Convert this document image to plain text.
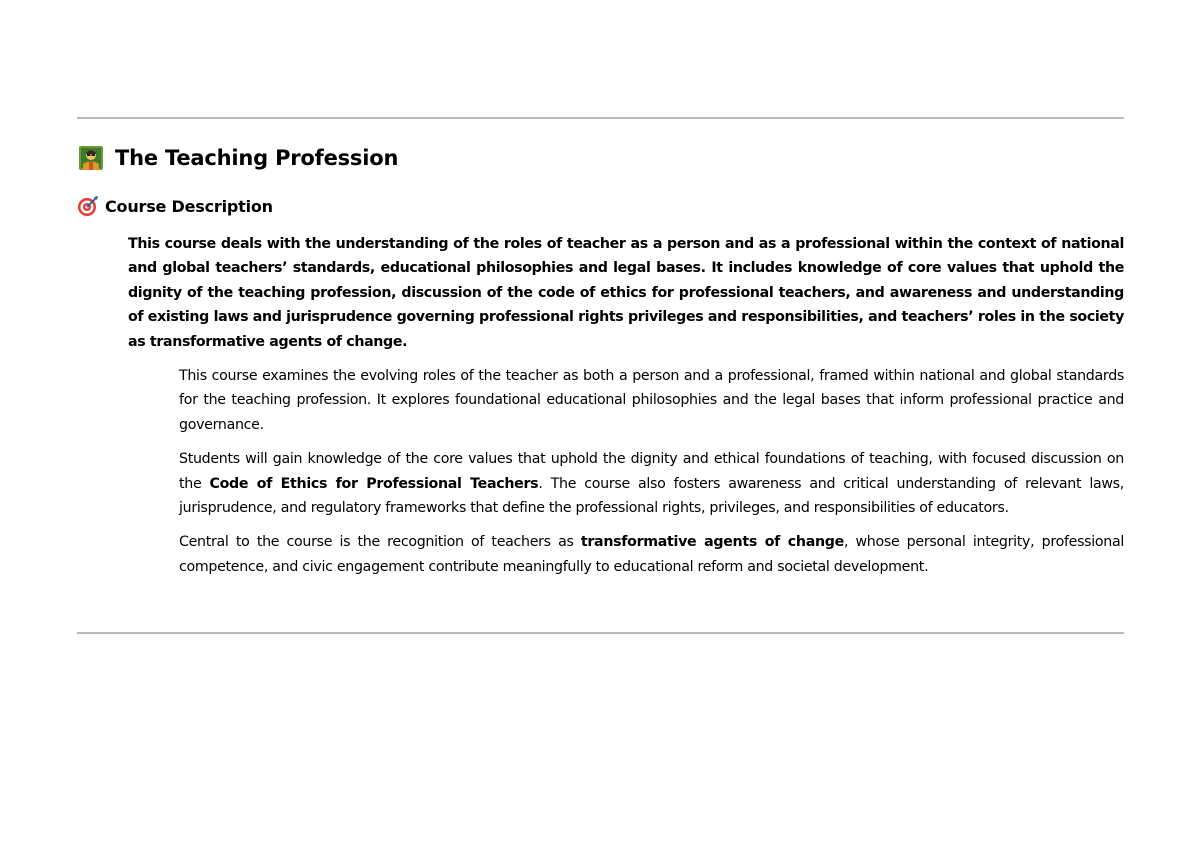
The Teaching Profession
Course Description
This course deals with the understanding of the roles of teacher as a person and as a professional within the context of national and global teachers’ standards, educational philosophies and legal bases. It includes knowledge of core values that uphold the dignity of the teaching profession, discussion of the code of ethics for professional teachers, and awareness and understanding of existing laws and jurisprudence governing professional rights privileges and responsibilities, and teachers’ roles in the society as transformative agents of change.

This course examines the evolving roles of the teacher as both a person and a professional, framed within national and global standards for the teaching profession. It explores foundational educational philosophies and the legal bases that inform professional practice and governance.

Students will gain knowledge of the core values that uphold the dignity and ethical foundations of teaching, with focused discussion on the Code of Ethics for Professional Teachers. The course also fosters awareness and critical understanding of relevant laws, jurisprudence, and regulatory frameworks that define the professional rights, privileges, and responsibilities of educators.

Central to the course is the recognition of teachers as transformative agents of change, whose personal integrity, professional competence, and civic engagement contribute meaningfully to educational reform and societal development.
